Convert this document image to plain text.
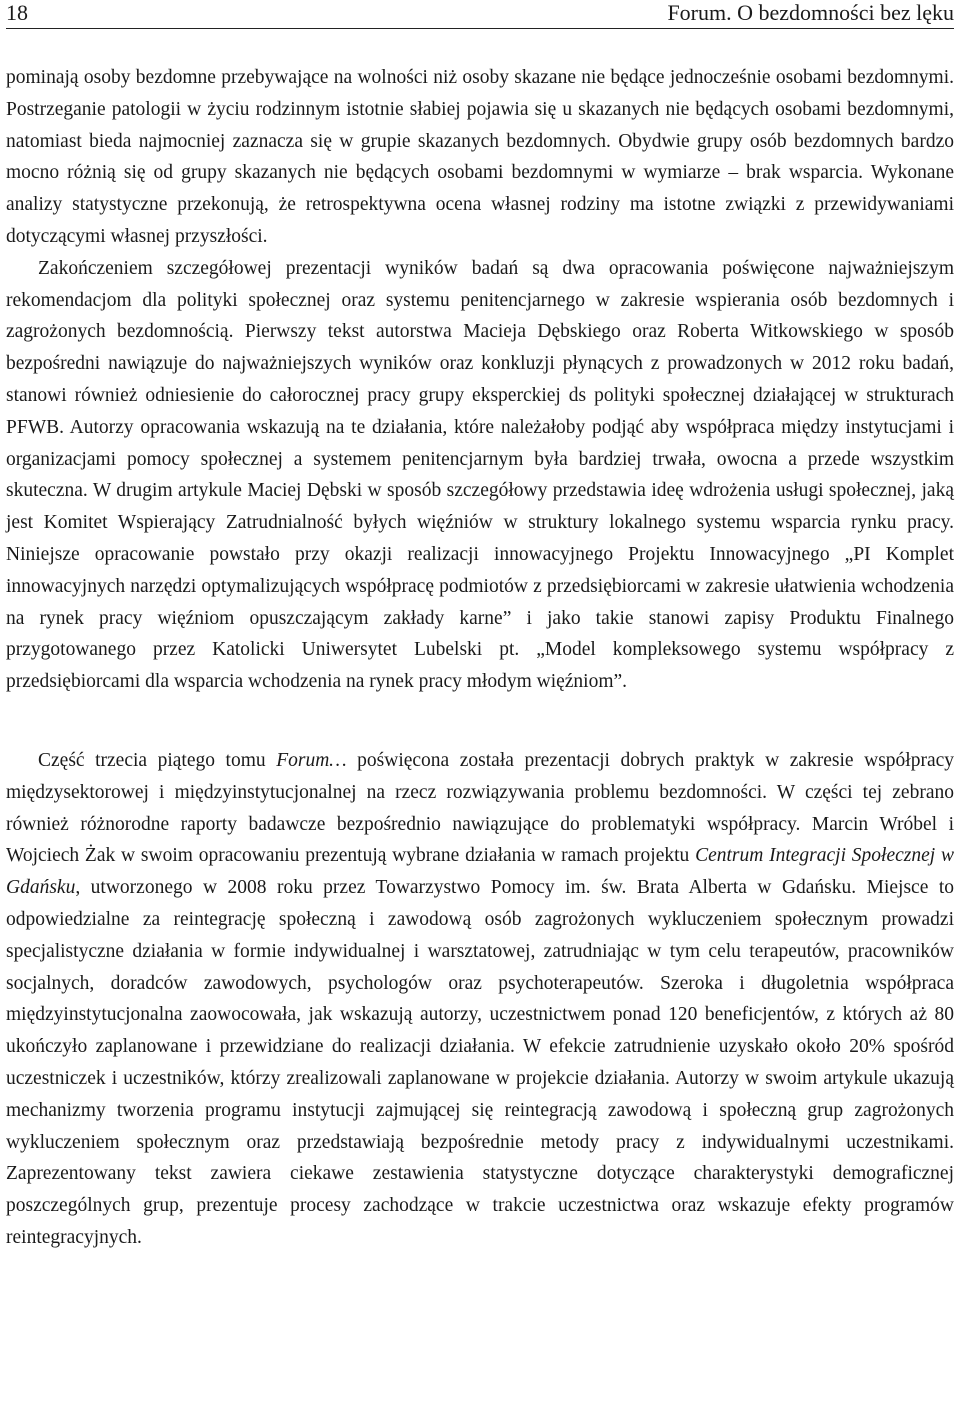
18	Forum. O bezdomności bez lęku

pominają osoby bezdomne przebywające na wolności niż osoby skazane nie będące jednocześnie osobami bezdomnymi. Postrzeganie patologii w życiu rodzinnym istotnie słabiej pojawia się u skazanych nie będących osobami bezdomnymi, natomiast bieda najmocniej zaznacza się w grupie skazanych bezdomnych. Obydwie grupy osób bezdomnych bardzo mocno różnią się od grupy skazanych nie będących osobami bezdomnymi w wymiarze – brak wsparcia. Wykonane analizy statystyczne przekonują, że retrospektywna ocena własnej rodziny ma istotne związki z przewidywaniami dotyczącymi własnej przyszłości.

Zakończeniem szczegółowej prezentacji wyników badań są dwa opracowania poświęcone najważniejszym rekomendacjom dla polityki społecznej oraz systemu penitencjarnego w zakresie wspierania osób bezdomnych i zagrożonych bezdomnością. Pierwszy tekst autorstwa Macieja Dębskiego oraz Roberta Witkowskiego w sposób bezpośredni nawiązuje do najważniejszych wyników oraz konkluzji płynących z prowadzonych w 2012 roku badań, stanowi również odniesienie do całorocznej pracy grupy eksperckiej ds polityki społecznej działającej w strukturach PFWB. Autorzy opracowania wskazują na te działania, które należałoby podjąć aby współpraca między instytucjami i organizacjami pomocy społecznej a systemem penitencjarnym była bardziej trwała, owocna a przede wszystkim skuteczna. W drugim artykule Maciej Dębski w sposób szczegółowy przedstawia ideę wdrożenia usługi społecznej, jaką jest Komitet Wspierający Zatrudnialność byłych więźniów w struktury lokalnego systemu wsparcia rynku pracy. Niniejsze opracowanie powstało przy okazji realizacji innowacyjnego Projektu Innowacyjnego „PI Komplet innowacyjnych narzędzi optymalizujących współpracę podmiotów z przedsiębiorcami w zakresie ułatwienia wchodzenia na rynek pracy więźniom opuszczającym zakłady karne” i jako takie stanowi zapisy Produktu Finalnego przygotowanego przez Katolicki Uniwersytet Lubelski pt. „Model kompleksowego systemu współpracy z przedsiębiorcami dla wsparcia wchodzenia na rynek pracy młodym więźniom”.

Część trzecia piątego tomu Forum… poświęcona została prezentacji dobrych praktyk w zakresie współpracy międzysektorowej i międzyinstytucjonalnej na rzecz rozwiązywania problemu bezdomności. W części tej zebrano również różnorodne raporty badawcze bezpośrednio nawiązujące do problematyki współpracy. Marcin Wróbel i Wojciech Żak w swoim opracowaniu prezentują wybrane działania w ramach projektu Centrum Integracji Społecznej w Gdańsku, utworzonego w 2008 roku przez Towarzystwo Pomocy im. św. Brata Alberta w Gdańsku. Miejsce to odpowiedzialne za reintegrację społeczną i zawodową osób zagrożonych wykluczeniem społecznym prowadzi specjalistyczne działania w formie indywidualnej i warsztatowej, zatrudniając w tym celu terapeutów, pracowników socjalnych, doradców zawodowych, psychologów oraz psychoterapeutów. Szeroka i długoletnia współpraca międzyinstytucjonalna zaowocowała, jak wskazują autorzy, uczestnictwem ponad 120 beneficjentów, z których aż 80 ukończyło zaplanowane i przewidziane do realizacji działania. W efekcie zatrudnienie uzyskało około 20% spośród uczestniczek i uczestników, którzy zrealizowali zaplanowane w projekcie działania. Autorzy w swoim artykule ukazują mechanizmy tworzenia programu instytucji zajmującej się reintegracją zawodową i społeczną grup zagrożonych wykluczeniem społecznym oraz przedstawiają bezpośrednie metody pracy z indywidualnymi uczestnikami. Zaprezentowany tekst zawiera ciekawe zestawienia statystyczne dotyczące charakterystyki demograficznej poszczególnych grup, prezentuje procesy zachodzące w trakcie uczestnictwa oraz wskazuje efekty programów reintegracyjnych.
